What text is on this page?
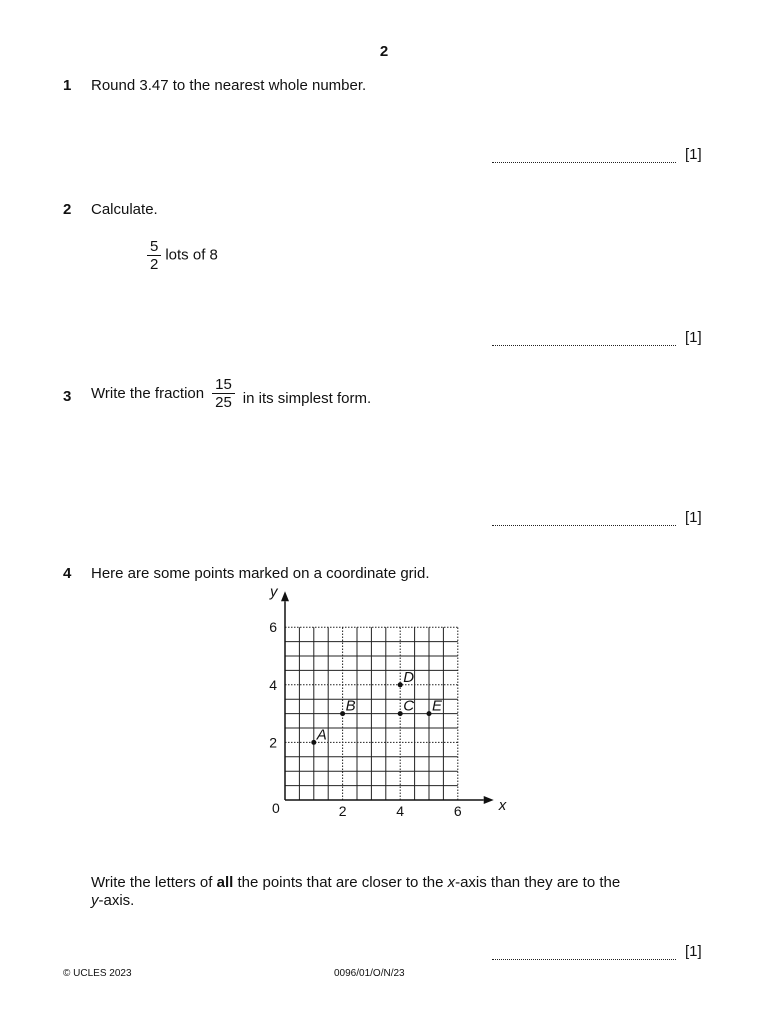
2
1 Round 3.47 to the nearest whole number.
[1]
2 Calculate.
$\frac{5}{2}$ lots of 8
[1]
3 Write the fraction $\frac{15}{25}$ in its simplest form.
[1]
4 Here are some points marked on a coordinate grid.
x
y
0	2	4	6
2
4
6
A
B	C
D
E
Write the letters of all the points that are closer to the x-axis than they are to the
y-axis.
[1]
© UCLES 2023	0096/01/O/N/23
